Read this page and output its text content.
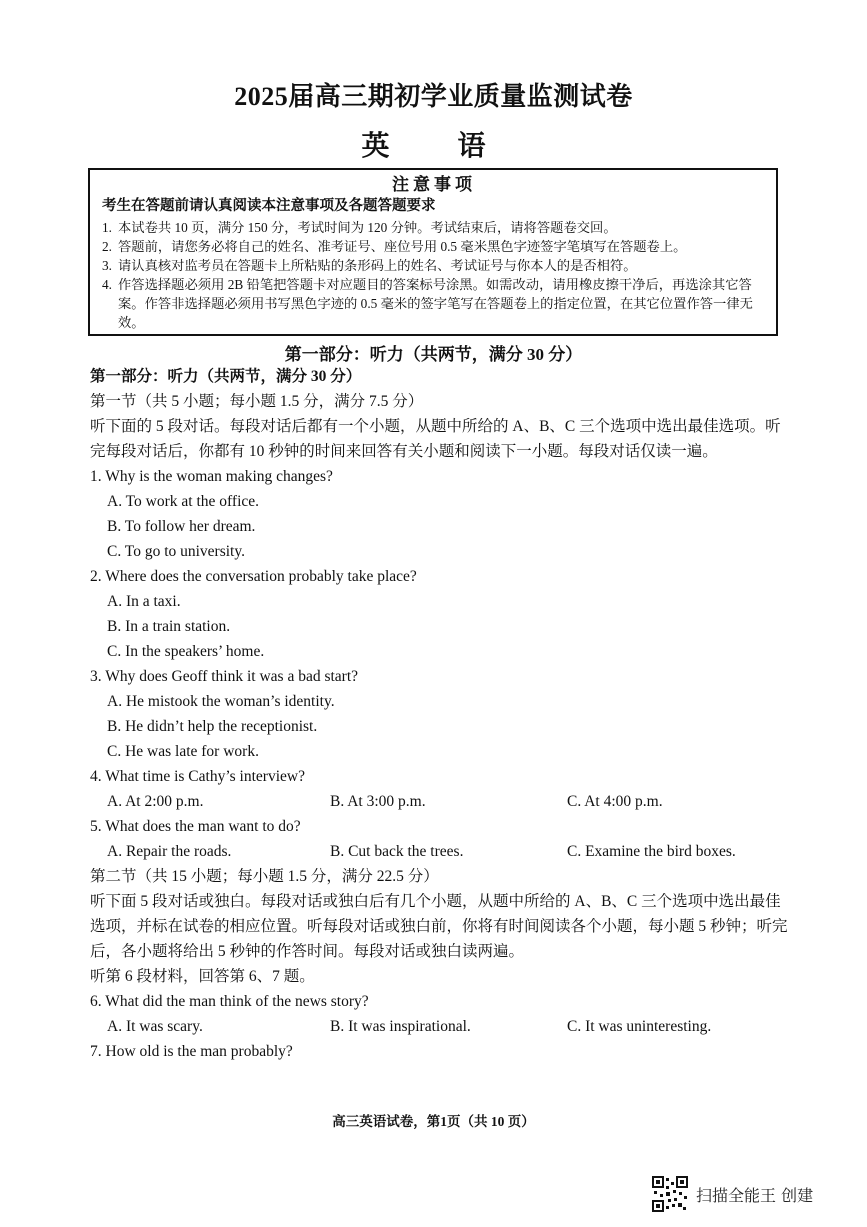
2025届高三期初学业质量监测试卷
英　语
注意事项
考生在答题前请认真阅读本注意事项及各题答题要求
1. 本试卷共 10 页，满分 150 分，考试时间为 120 分钟。考试结束后，请将答题卷交回。
2. 答题前，请您务必将自己的姓名、准考证号、座位号用 0.5 毫米黑色字迹签字笔填写在答题卷上。
3. 请认真核对监考员在答题卡上所粘贴的条形码上的姓名、考试证号与你本人的是否相符。
4. 作答选择题必须用 2B 铅笔把答题卡对应题目的答案标号涂黑。如需改动，请用橡皮擦干净后，再选涂其它答案。作答非选择题必须用书写黑色字迹的 0.5 毫米的签字笔写在答题卷上的指定位置，在其它位置作答一律无效。
第一部分：听力（共两节，满分 30 分）
第一部分：听力（共两节，满分 30 分）
第一节（共 5 小题；每小题 1.5 分，满分 7.5 分）
听下面的 5 段对话。每段对话后都有一个小题，从题中所给的 A、B、C 三个选项中选出最佳选项。听完每段对话后，你都有 10 秒钟的时间来回答有关小题和阅读下一小题。每段对话仅读一遍。
1. Why is the woman making changes?
A. To work at the office.
B. To follow her dream.
C. To go to university.
2. Where does the conversation probably take place?
A. In a taxi.
B. In a train station.
C. In the speakers’ home.
3. Why does Geoff think it was a bad start?
A. He mistook the woman’s identity.
B. He didn’t help the receptionist.
C. He was late for work.
4. What time is Cathy’s interview?
A. At 2:00 p.m.	B. At 3:00 p.m.	C. At 4:00 p.m.
5. What does the man want to do?
A. Repair the roads.	B. Cut back the trees.	C. Examine the bird boxes.
第二节（共 15 小题；每小题 1.5 分，满分 22.5 分）
听下面 5 段对话或独白。每段对话或独白后有几个小题，从题中所给的 A、B、C 三个选项中选出最佳选项，并标在试卷的相应位置。听每段对话或独白前，你将有时间阅读各个小题，每小题 5 秒钟；听完后，各小题将给出 5 秒钟的作答时间。每段对话或独白读两遍。
听第 6 段材料，回答第 6、7 题。
6. What did the man think of the news story?
A. It was scary.	B. It was inspirational.	C. It was uninteresting.
7. How old is the man probably?
高三英语试卷，第1页（共 10 页）
扫描全能王 创建
